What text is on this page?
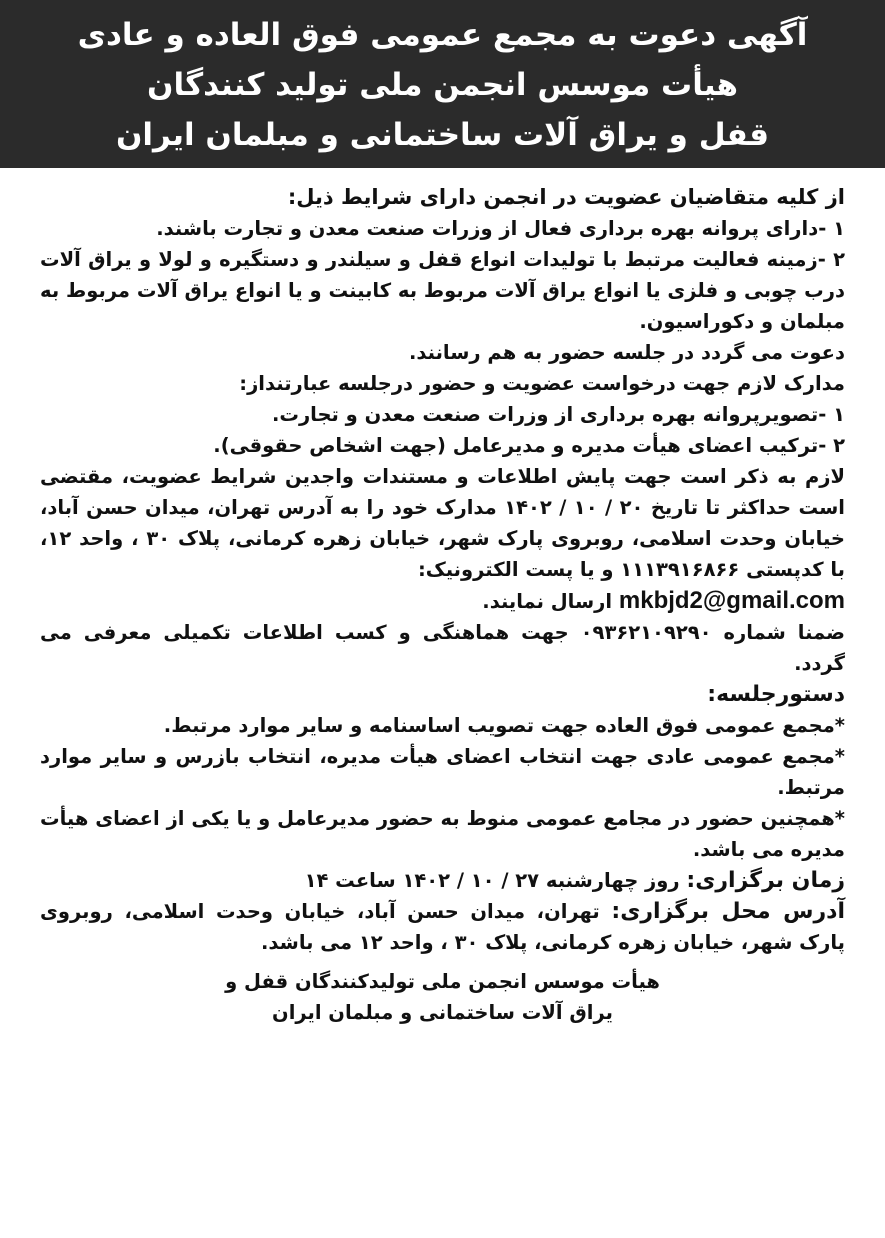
آگهی دعوت به مجمع عمومی فوق العاده و عادی
هیأت موسس انجمن ملی تولید کنندگان
قفل و یراق آلات ساختمانی و مبلمان ایران

از کلیه متقاضیان عضویت در انجمن دارای شرایط ذیل:

۱ -دارای پروانه بهره برداری فعال از وزرات صنعت معدن و تجارت باشند.

۲ -زمینه فعالیت مرتبط با تولیدات انواع قفل و سیلندر و دستگیره و لولا و یراق آلات درب چوبی و فلزی یا انواع یراق آلات مربوط به کابینت و یا انواع یراق آلات مربوط به مبلمان و دکوراسیون.

دعوت می گردد در جلسه حضور به هم رسانند.

مدارک لازم جهت درخواست عضویت و حضور درجلسه عبارتنداز:

۱ -تصویرپروانه بهره برداری از وزرات صنعت معدن و تجارت.

۲ -ترکیب اعضای هیأت مدیره و مدیرعامل (جهت اشخاص حقوقی).

لازم به ذکر است جهت پایش اطلاعات و مستندات واجدین شرایط عضویت، مقتضی است حداکثر تا تاریخ ۲۰ / ۱۰ / ۱۴۰۲ مدارک خود را به آدرس تهران، میدان حسن آباد، خیابان وحدت اسلامی، روبروی پارک شهر، خیابان زهره کرمانی، پلاک ۳۰ ، واحد ۱۲، با کدپستی ۱۱۱۳۹۱۶۸۶۶ و یا پست الکترونیک:

mkbjd2@gmail.com ارسال نمایند.

ضمنا شماره ۰۹۳۶۲۱۰۹۲۹۰ جهت هماهنگی و کسب اطلاعات تکمیلی معرفی می گردد.

دستورجلسه:

*مجمع عمومی فوق العاده جهت تصویب اساسنامه و سایر موارد مرتبط.

*مجمع عمومی عادی جهت انتخاب اعضای هیأت مدیره، انتخاب بازرس و سایر موارد مرتبط.

*همچنین حضور در مجامع عمومی منوط به حضور مدیرعامل و یا یکی از اعضای هیأت مدیره می باشد.

زمان برگزاری: روز چهارشنبه ۲۷ / ۱۰ / ۱۴۰۲ ساعت ۱۴

آدرس محل برگزاری: تهران، میدان حسن آباد، خیابان وحدت اسلامی، روبروی پارک شهر، خیابان زهره کرمانی، پلاک ۳۰ ، واحد ۱۲ می باشد.

هیأت موسس انجمن ملی تولیدکنندگان قفل و
یراق آلات ساختمانی و مبلمان ایران
